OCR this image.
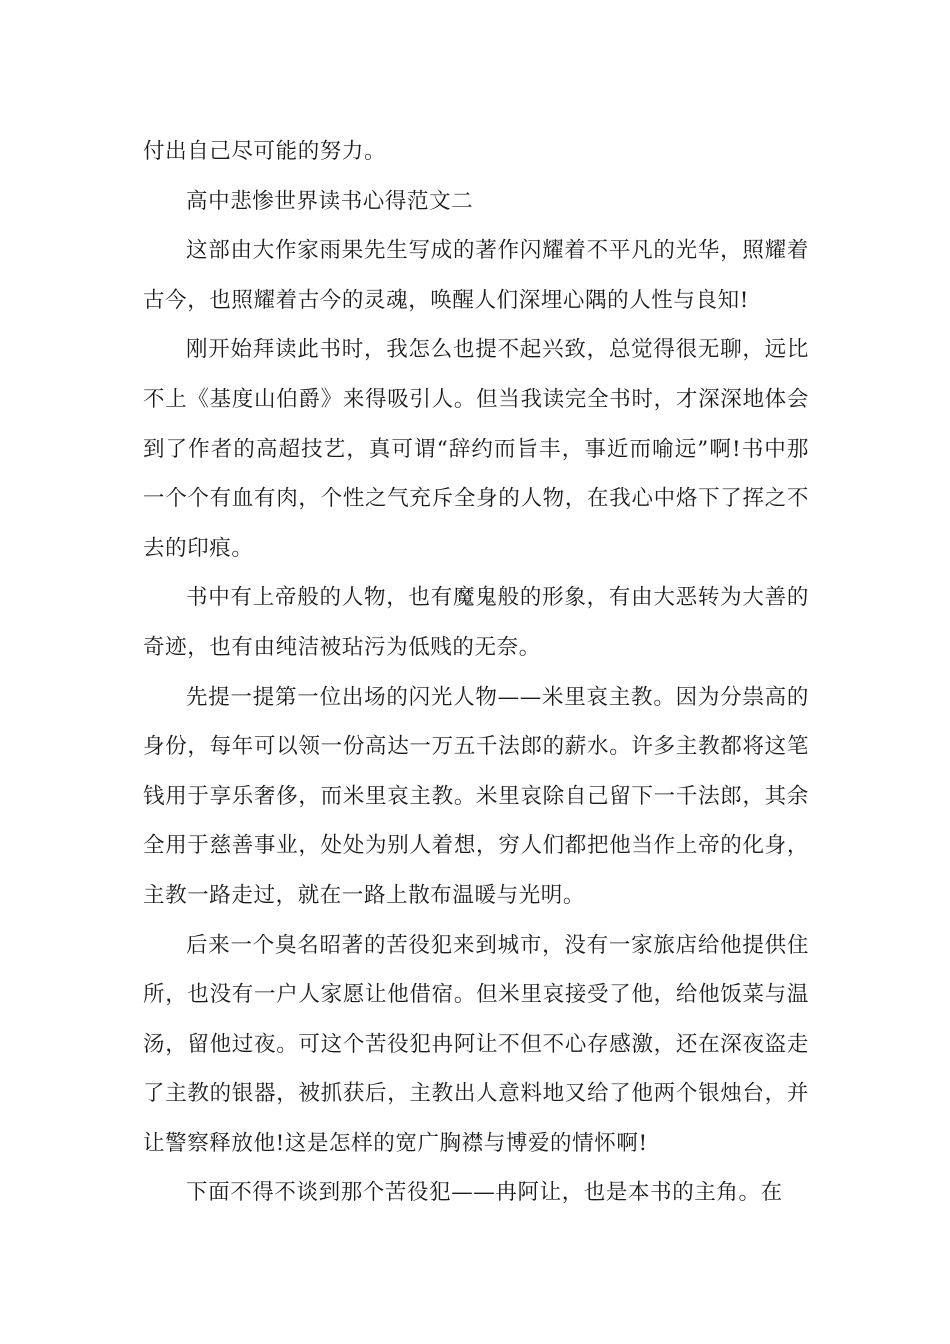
付出自己尽可能的努力。

高中悲惨世界读书心得范文二

这部由大作家雨果先生写成的著作闪耀着不平凡的光华，照耀着古今，也照耀着古今的灵魂，唤醒人们深埋心隅的人性与良知!

刚开始拜读此书时，我怎么也提不起兴致，总觉得很无聊，远比不上《基度山伯爵》来得吸引人。但当我读完全书时，才深深地体会到了作者的高超技艺，真可谓“辞约而旨丰，事近而喻远”啊!书中那一个个有血有肉，个性之气充斥全身的人物，在我心中烙下了挥之不去的印痕。

书中有上帝般的人物，也有魔鬼般的形象，有由大恶转为大善的奇迹，也有由纯洁被玷污为低贱的无奈。

先提一提第一位出场的闪光人物——米里哀主教。因为分祟高的身份，每年可以领一份高达一万五千法郎的薪水。许多主教都将这笔钱用于享乐奢侈，而米里哀主教。米里哀除自己留下一千法郎，其余全用于慈善事业，处处为别人着想，穷人们都把他当作上帝的化身，主教一路走过，就在一路上散布温暖与光明。

后来一个臭名昭著的苦役犯来到城市，没有一家旅店给他提供住所，也没有一户人家愿让他借宿。但米里哀接受了他，给他饭菜与温汤，留他过夜。可这个苦役犯冉阿让不但不心存感激，还在深夜盗走了主教的银器，被抓获后，主教出人意料地又给了他两个银烛台，并让警察释放他!这是怎样的宽广胸襟与博爱的情怀啊!

下面不得不谈到那个苦役犯——冉阿让，也是本书的主角。在
